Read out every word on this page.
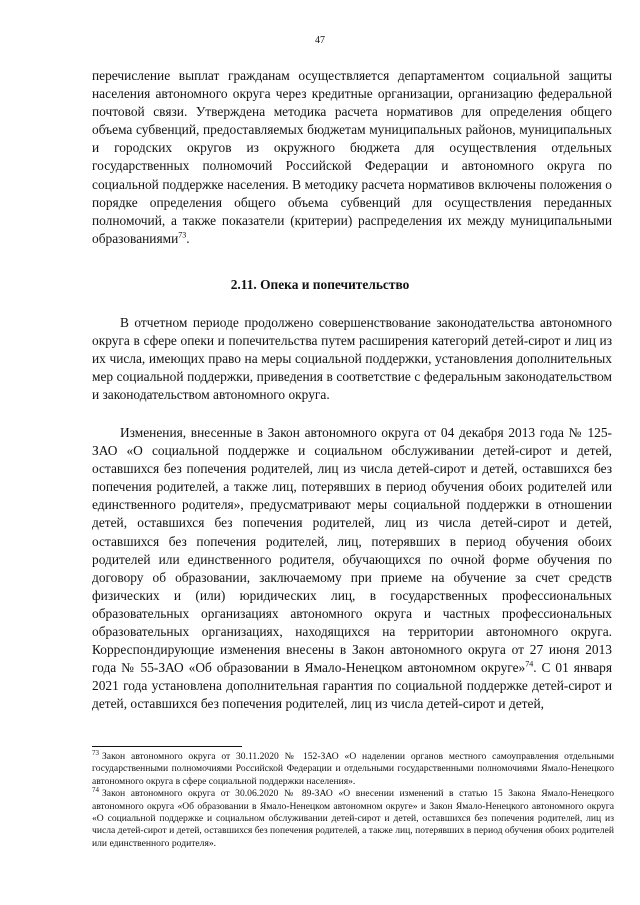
47

перечисление выплат гражданам осуществляется департаментом социальной защиты населения автономного округа через кредитные организации, организацию федеральной почтовой связи. Утверждена методика расчета нормативов для определения общего объема субвенций, предоставляемых бюджетам муниципальных районов, муниципальных и городских округов из окружного бюджета для осуществления отдельных государственных полномочий Российской Федерации и автономного округа по социальной поддержке населения. В методику расчета нормативов включены положения о порядке определения общего объема субвенций для осуществления переданных полномочий, а также показатели (критерии) распределения их между муниципальными образованиями$^{73}$.

2.11. Опека и попечительство

В отчетном периоде продолжено совершенствование законодательства автономного округа в сфере опеки и попечительства путем расширения категорий детей-сирот и лиц из их числа, имеющих право на меры социальной поддержки, установления дополнительных мер социальной поддержки, приведения в соответствие с федеральным законодательством и законодательством автономного округа.

Изменения, внесенные в Закон автономного округа от 04 декабря 2013 года № 125-ЗАО «О социальной поддержке и социальном обслуживании детей-сирот и детей, оставшихся без попечения родителей, лиц из числа детей-сирот и детей, оставшихся без попечения родителей, а также лиц, потерявших в период обучения обоих родителей или единственного родителя», предусматривают меры социальной поддержки в отношении детей, оставшихся без попечения родителей, лиц из числа детей-сирот и детей, оставшихся без попечения родителей, лиц, потерявших в период обучения обоих родителей или единственного родителя, обучающихся по очной форме обучения по договору об образовании, заключаемому при приеме на обучение за счет средств физических и (или) юридических лиц, в государственных профессиональных образовательных организациях автономного округа и частных профессиональных образовательных организациях, находящихся на территории автономного округа. Корреспондирующие изменения внесены в Закон автономного округа от 27 июня 2013 года № 55-ЗАО «Об образовании в Ямало-Ненецком автономном округе»$^{74}$. С 01 января 2021 года установлена дополнительная гарантия по социальной поддержке детей-сирот и детей, оставшихся без попечения родителей, лиц из числа детей-сирот и детей,

$^{73}$ Закон автономного округа от 30.11.2020 № 152-ЗАО «О наделении органов местного самоуправления отдельными государственными полномочиями Российской Федерации и отдельными государственными полномочиями Ямало-Ненецкого автономного округа в сфере социальной поддержки населения».

$^{74}$ Закон автономного округа от 30.06.2020 № 89-ЗАО «О внесении изменений в статью 15 Закона Ямало-Ненецкого автономного округа «Об образовании в Ямало-Ненецком автономном округе» и Закон Ямало-Ненецкого автономного округа «О социальной поддержке и социальном обслуживании детей-сирот и детей, оставшихся без попечения родителей, лиц из числа детей-сирот и детей, оставшихся без попечения родителей, а также лиц, потерявших в период обучения обоих родителей или единственного родителя».
